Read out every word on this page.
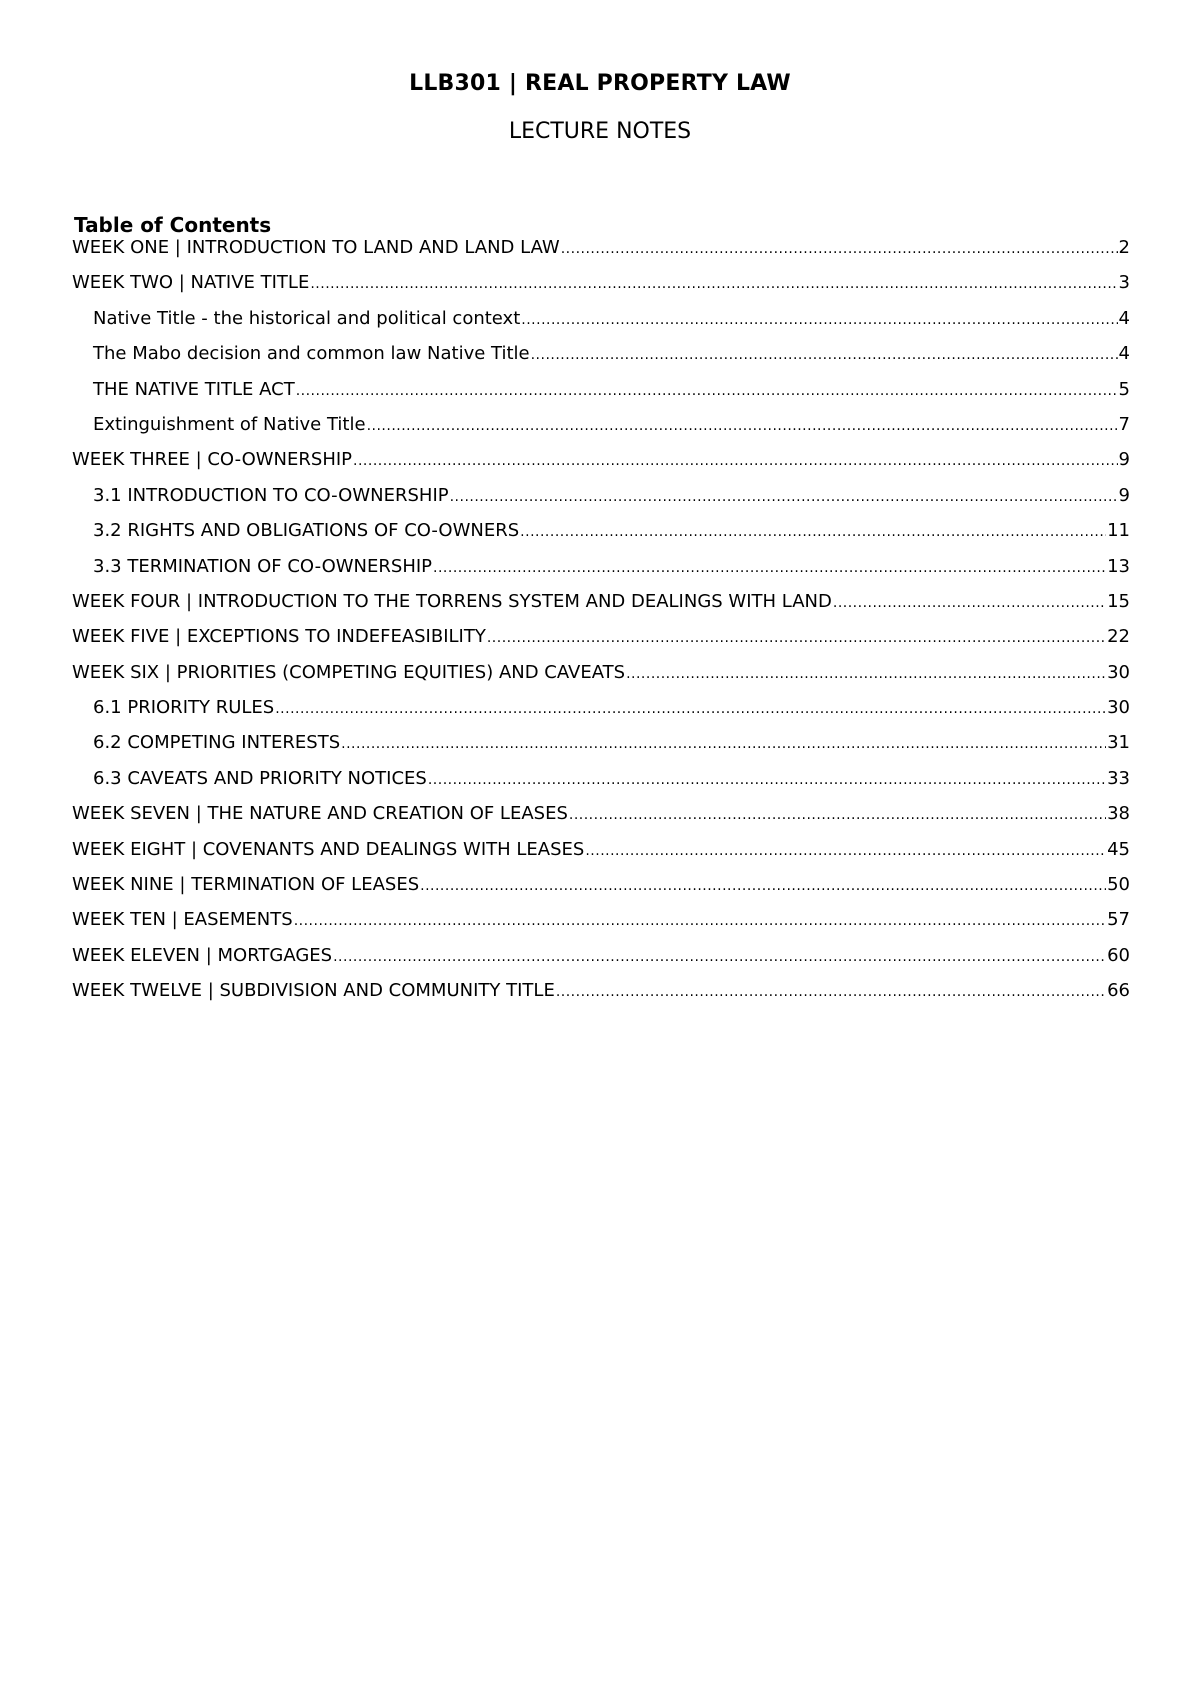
LLB301 | REAL PROPERTY LAW
LECTURE NOTES
Table of Contents
WEEK ONE | INTRODUCTION TO LAND AND LAND LAW .....	2
WEEK TWO | NATIVE TITLE .....	3
Native Title - the historical and political context .....	4
The Mabo decision and common law Native Title .....	4
THE NATIVE TITLE ACT .....	5
Extinguishment of Native Title .....	7
WEEK THREE | CO-OWNERSHIP .....	9
3.1 INTRODUCTION TO CO-OWNERSHIP .....	9
3.2 RIGHTS AND OBLIGATIONS OF CO-OWNERS .....	11
3.3 TERMINATION OF CO-OWNERSHIP .....	13
WEEK FOUR | INTRODUCTION TO THE TORRENS SYSTEM AND DEALINGS WITH LAND .....	15
WEEK FIVE | EXCEPTIONS TO INDEFEASIBILITY .....	22
WEEK SIX | PRIORITIES (COMPETING EQUITIES) AND CAVEATS .....	30
6.1 PRIORITY RULES .....	30
6.2 COMPETING INTERESTS .....	31
6.3 CAVEATS AND PRIORITY NOTICES .....	33
WEEK SEVEN | THE NATURE AND CREATION OF LEASES .....	38
WEEK EIGHT | COVENANTS AND DEALINGS WITH LEASES .....	45
WEEK NINE | TERMINATION OF LEASES .....	50
WEEK TEN | EASEMENTS .....	57
WEEK ELEVEN | MORTGAGES .....	60
WEEK TWELVE | SUBDIVISION AND COMMUNITY TITLE .....	66
